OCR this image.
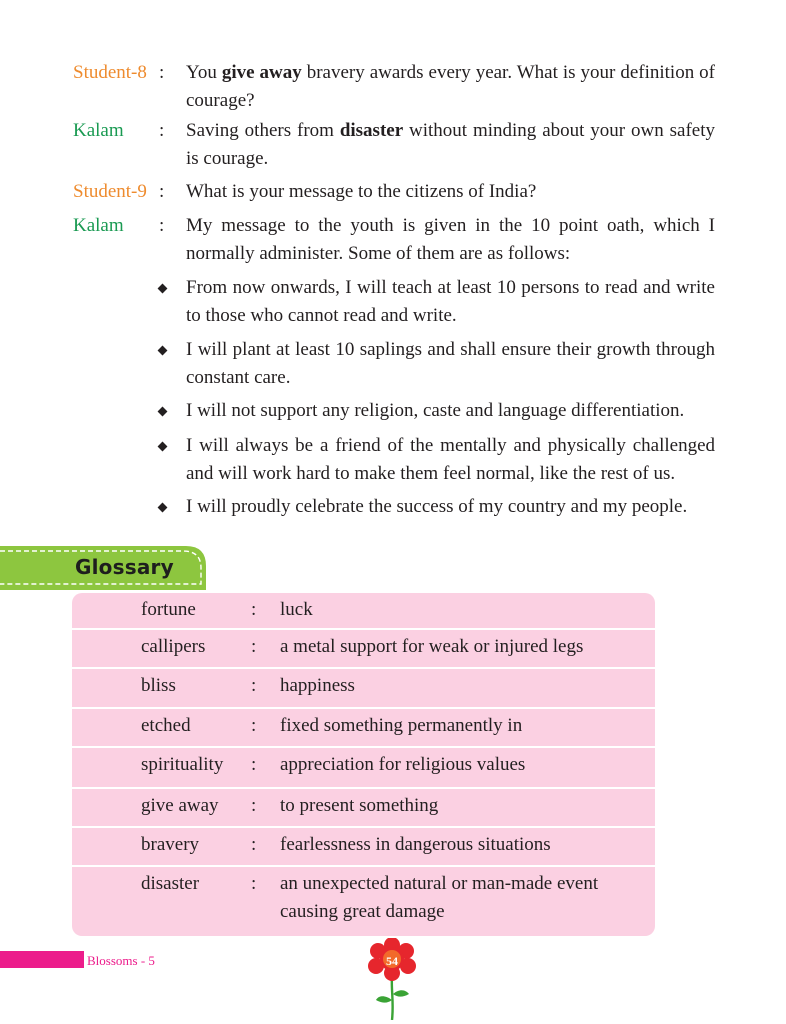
Student-8 : You give away bravery awards every year. What is your definition of courage?
Kalam : Saving others from disaster without minding about your own safety is courage.
Student-9 : What is your message to the citizens of India?
Kalam : My message to the youth is given in the 10 point oath, which I normally administer. Some of them are as follows:
From now onwards, I will teach at least 10 persons to read and write to those who cannot read and write.
I will plant at least 10 saplings and shall ensure their growth through constant care.
I will not support any religion, caste and language differentiation.
I will always be a friend of the mentally and physically challenged and will work hard to make them feel normal, like the rest of us.
I will proudly celebrate the success of my country and my people.
Glossary
fortune	: luck
callipers : a metal support for weak or injured legs
bliss	: happiness
etched	: fixed something permanently in
spirituality : appreciation for religious values
give away : to present something
bravery	: fearlessness in dangerous situations
disaster	: an unexpected natural or man-made event causing great damage
Blossoms - 5	54
